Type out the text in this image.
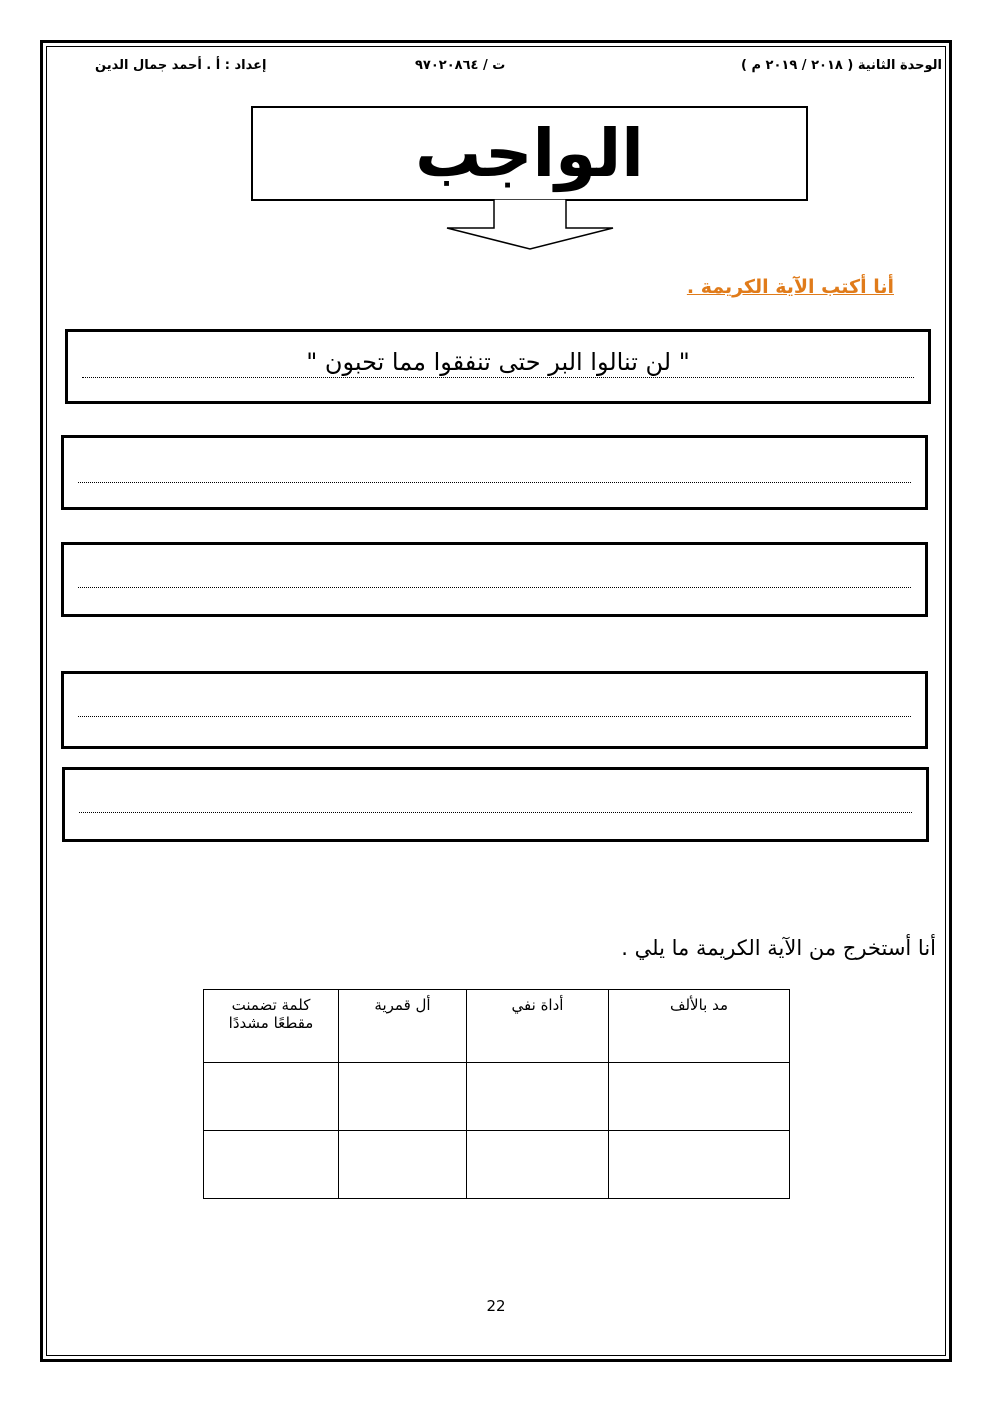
الوحدة الثانية ( ٢٠١٨ / ٢٠١٩ م )
ت / ٩٧٠٢٠٨٦٤
إعداد : أ . أحمد جمال الدين
الواجب
أنا أكتب الآية الكريمة .
" لن تنالوا البر حتى تنفقوا مما تحبون "
أنا أستخرج من الآية الكريمة ما يلي .
مد بالألف	أداة نفي	أل قمرية	كلمة تضمنت مقطعًا مشددًا

22
